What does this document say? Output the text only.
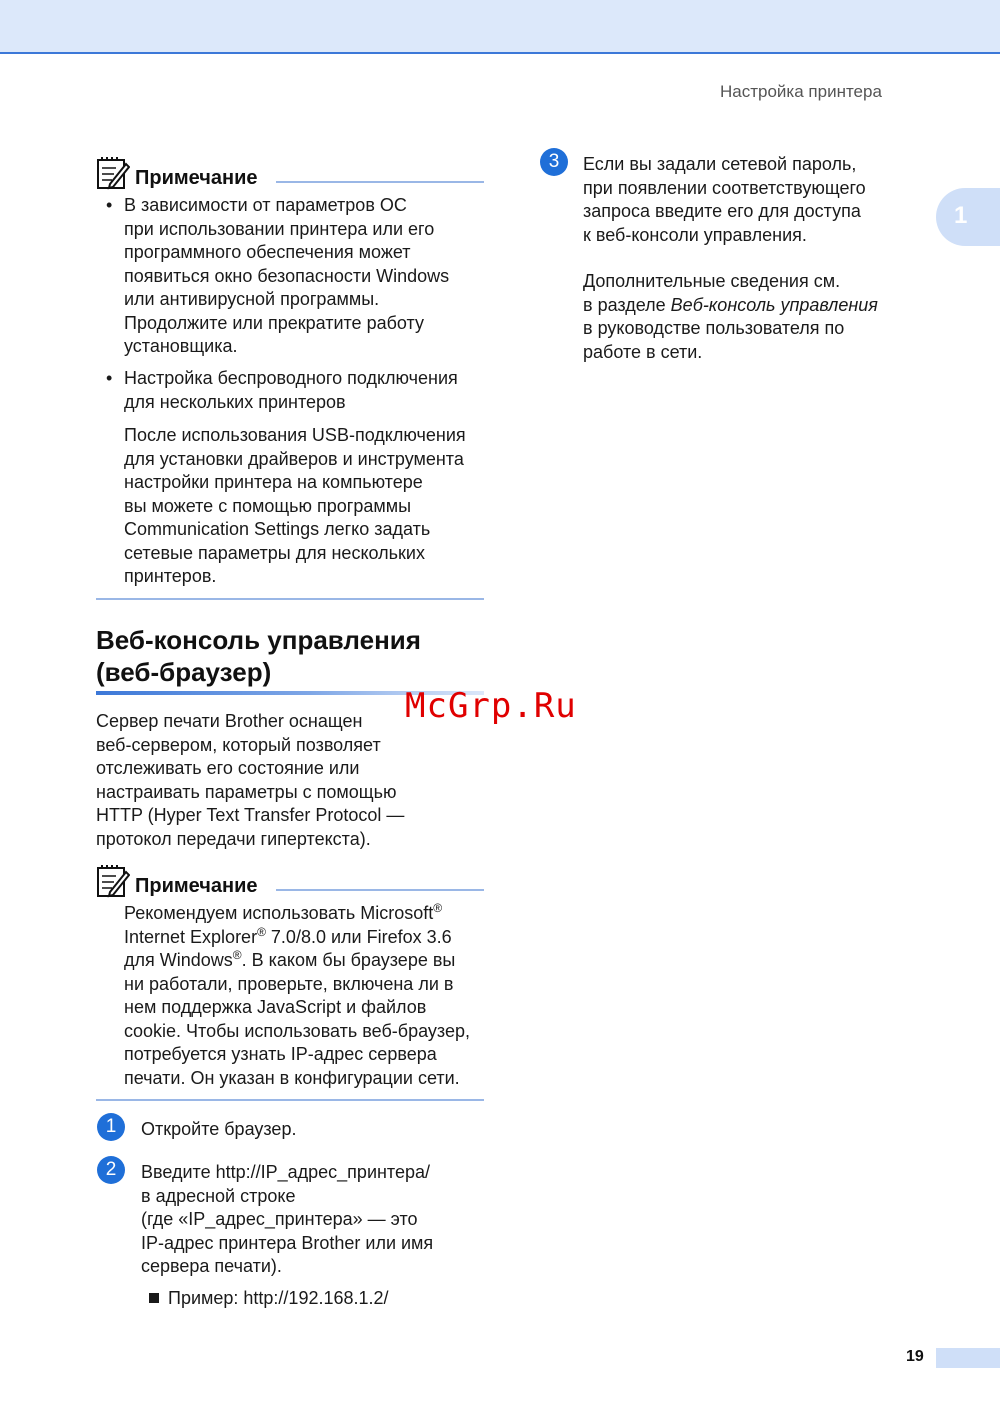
Настройка принтера
1
Примечание
• В зависимости от параметров ОС
при использовании принтера или его
программного обеспечения может
появиться окно безопасности Windows
или антивирусной программы.
Продолжите или прекратите работу
установщика.
• Настройка беспроводного подключения
для нескольких принтеров
После использования USB-подключения
для установки драйверов и инструмента
настройки принтера на компьютере
вы можете с помощью программы
Communication Settings легко задать
сетевые параметры для нескольких
принтеров.
Веб-консоль управления
(веб-браузер)
Сервер печати Brother оснащен
веб-сервером, который позволяет
отслеживать его состояние или
настраивать параметры с помощью
HTTP (Hyper Text Transfer Protocol —
протокол передачи гипертекста).
McGrp.Ru
Примечание
Рекомендуем использовать Microsoft®
Internet Explorer® 7.0/8.0 или Firefox 3.6
для Windows®. В каком бы браузере вы
ни работали, проверьте, включена ли в
нем поддержка JavaScript и файлов
cookie. Чтобы использовать веб-браузер,
потребуется узнать IP-адрес сервера
печати. Он указан в конфигурации сети.
1	Откройте браузер.
2	Введите http://IP_адрес_принтера/
в адресной строке
(где «IP_адрес_принтера» — это
IP-адрес принтера Brother или имя
сервера печати).
Пример: http://192.168.1.2/
3	Если вы задали сетевой пароль,
при появлении соответствующего
запроса введите его для доступа
к веб-консоли управления.
Дополнительные сведения см.
в разделе Веб-консоль управления
в руководстве пользователя по
работе в сети.
19
